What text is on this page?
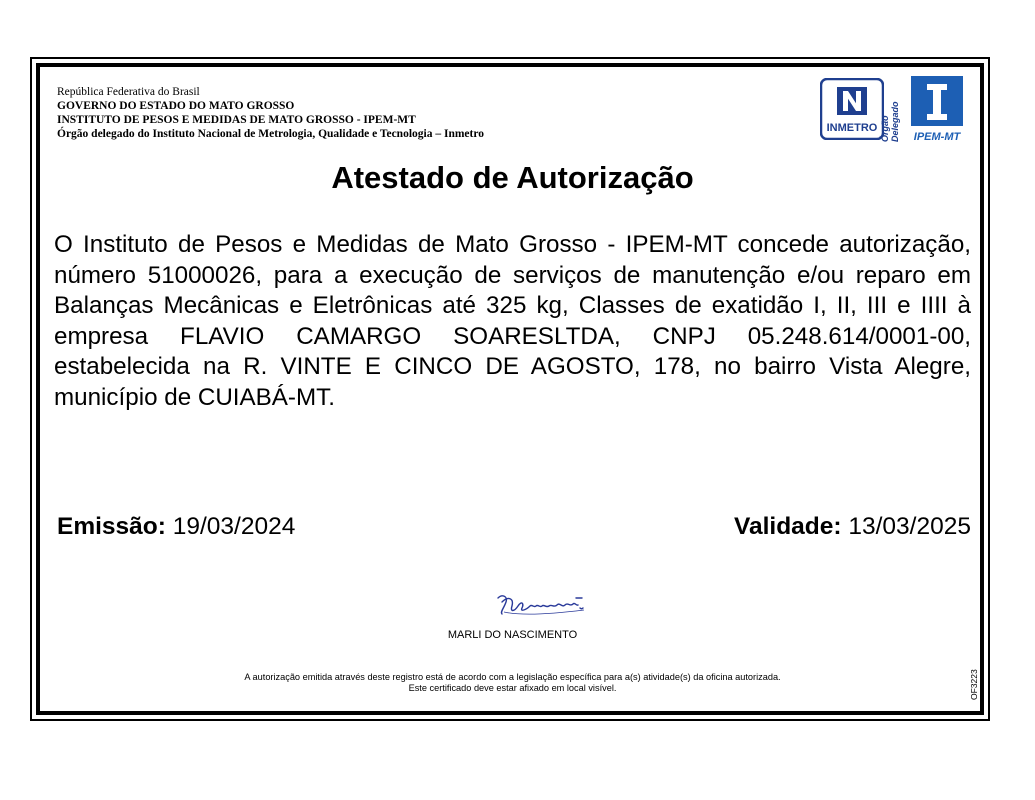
República Federativa do Brasil
GOVERNO DO ESTADO DO MATO GROSSO
INSTITUTO DE PESOS E MEDIDAS DE MATO GROSSO - IPEM-MT
Órgão delegado do Instituto Nacional de Metrologia, Qualidade e Tecnologia – Inmetro	INMETRO Órgão Delegado IPEM-MT
Atestado de Autorização
O Instituto de Pesos e Medidas de Mato Grosso - IPEM-MT concede autorização, número 51000026, para a execução de serviços de manutenção e/ou reparo em Balanças Mecânicas e Eletrônicas até 325 kg, Classes de exatidão I, II, III e IIII à empresa FLAVIO CAMARGO SOARESLTDA, CNPJ 05.248.614/0001-00, estabelecida na R. VINTE E CINCO DE AGOSTO, 178, no bairro Vista Alegre, município de CUIABÁ-MT.
Emissão: 19/03/2024	Validade: 13/03/2025
MARLI DO NASCIMENTO
A autorização emitida através deste registro está de acordo com a legislação específica para a(s) atividade(s) da oficina autorizada.
Este certificado deve estar afixado em local visível.	OF3223
